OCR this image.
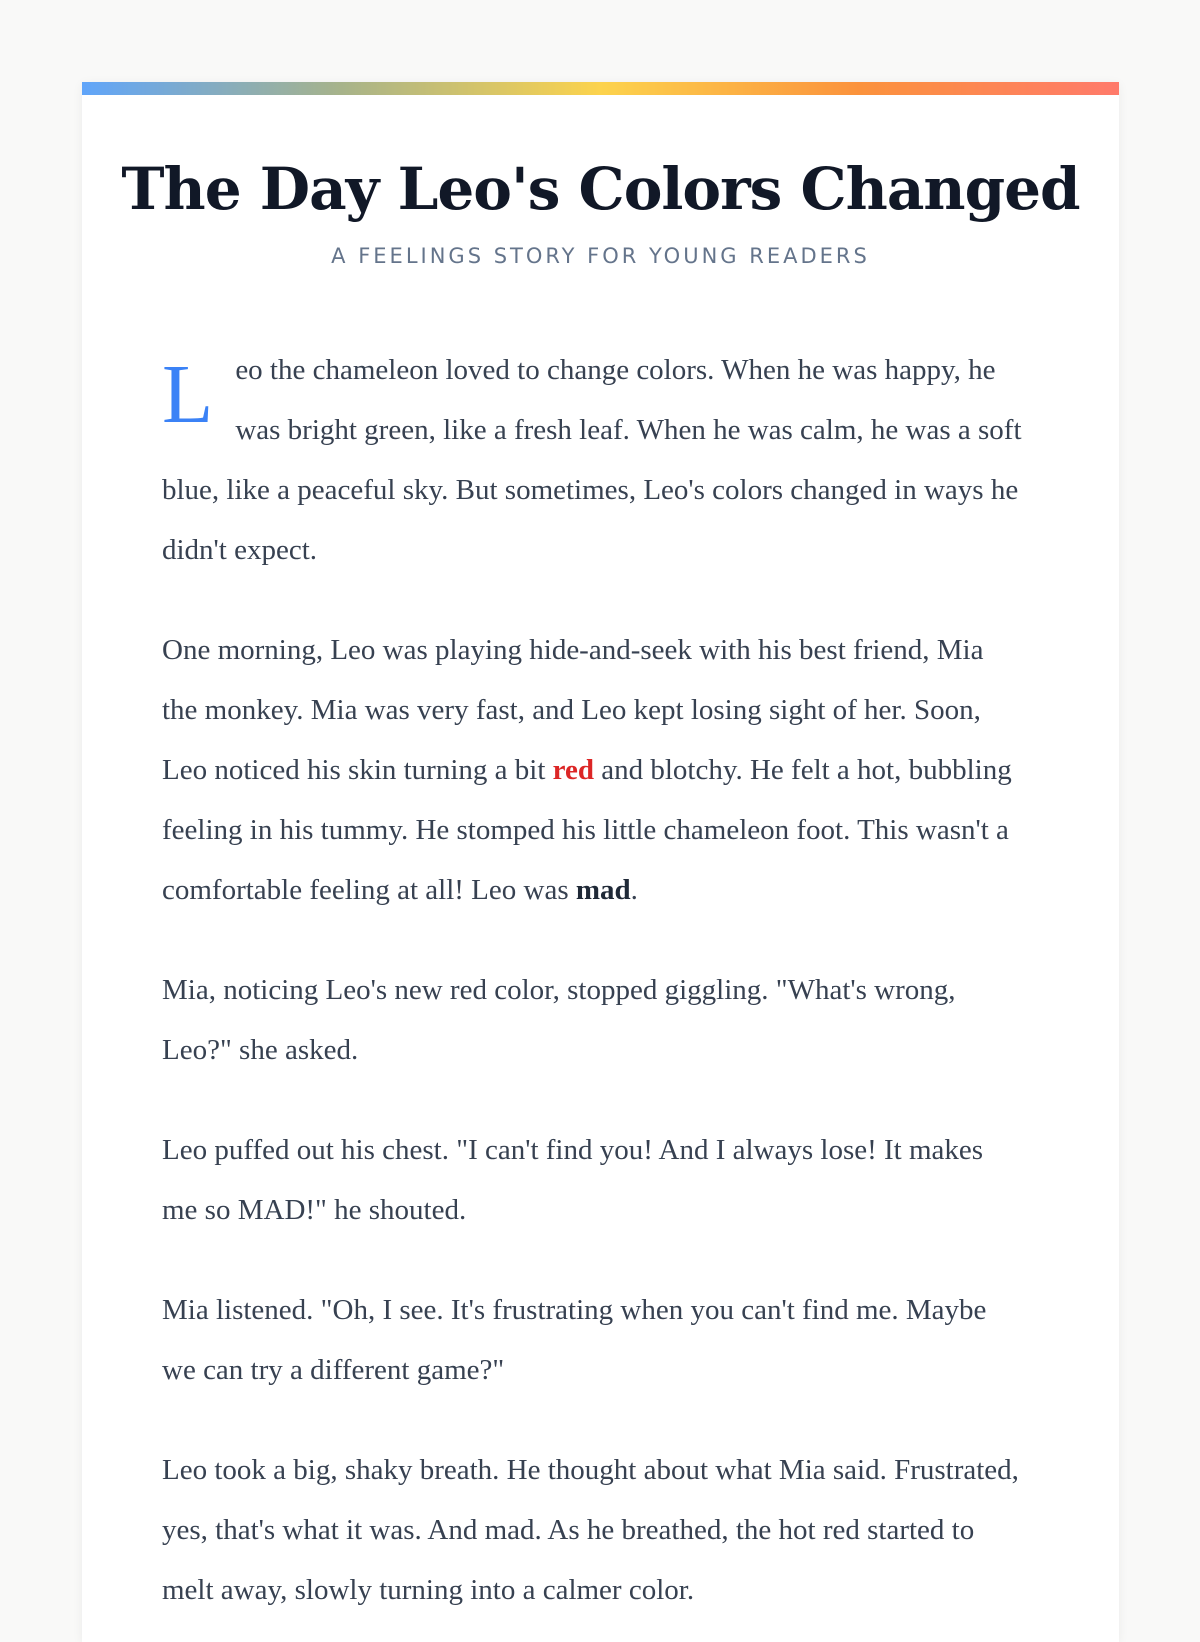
The Day Leo's Colors Changed
A FEELINGS STORY FOR YOUNG READERS

Leo the chameleon loved to change colors. When he was happy, he was bright green, like a fresh leaf. When he was calm, he was a soft blue, like a peaceful sky. But sometimes, Leo's colors changed in ways he didn't expect.

One morning, Leo was playing hide-and-seek with his best friend, Mia the monkey. Mia was very fast, and Leo kept losing sight of her. Soon, Leo noticed his skin turning a bit red and blotchy. He felt a hot, bubbling feeling in his tummy. He stomped his little chameleon foot. This wasn't a comfortable feeling at all! Leo was mad.

Mia, noticing Leo's new red color, stopped giggling. "What's wrong, Leo?" she asked.

Leo puffed out his chest. "I can't find you! And I always lose! It makes me so MAD!" he shouted.

Mia listened. "Oh, I see. It's frustrating when you can't find me. Maybe we can try a different game?"

Leo took a big, shaky breath. He thought about what Mia said. Frustrated, yes, that's what it was. And mad. As he breathed, the hot red started to melt away, slowly turning into a calmer color.
